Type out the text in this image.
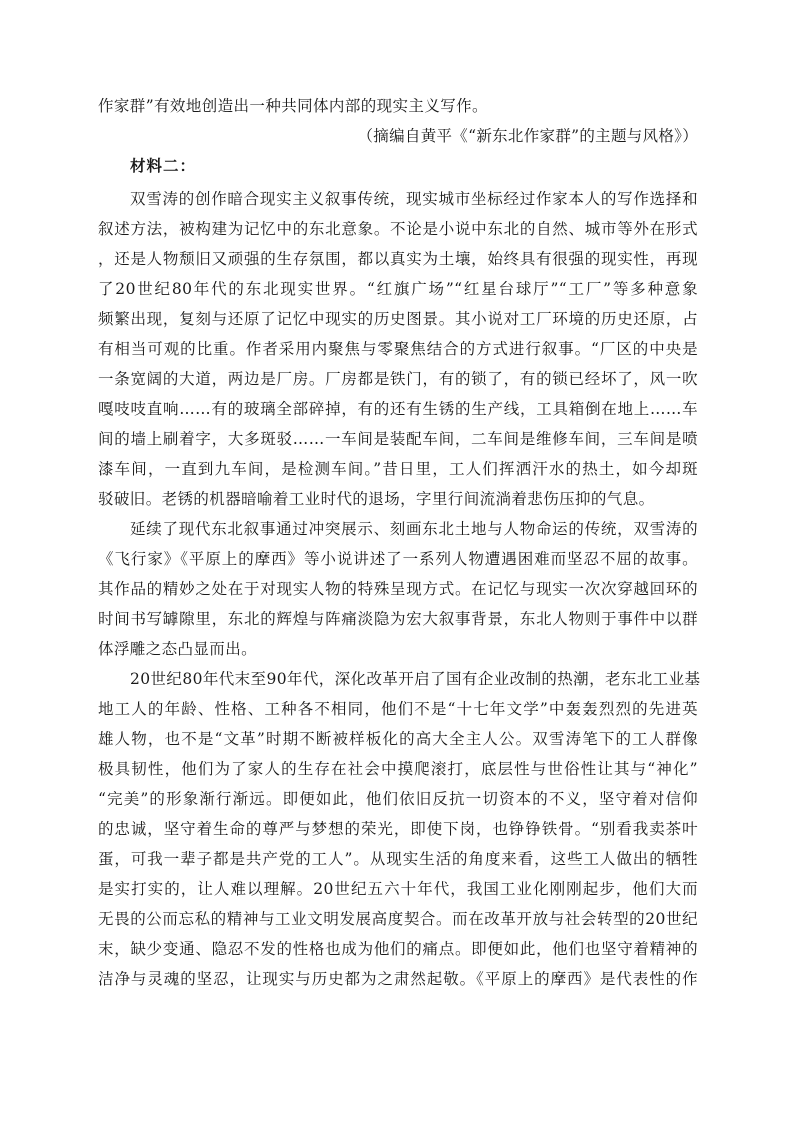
作家群”有效地创造出一种共同体内部的现实主义写作。
（摘编自黄平《“新东北作家群”的主题与风格》）
材料二：
双雪涛的创作暗合现实主义叙事传统，现实城市坐标经过作家本人的写作选择和
叙述方法，被构建为记忆中的东北意象。不论是小说中东北的自然、城市等外在形式
，还是人物颓旧又顽强的生存氛围，都以真实为土壤，始终具有很强的现实性，再现
了20世纪80年代的东北现实世界。“红旗广场”“红星台球厅”“工厂”等多种意象
频繁出现，复刻与还原了记忆中现实的历史图景。其小说对工厂环境的历史还原，占
有相当可观的比重。作者采用内聚焦与零聚焦结合的方式进行叙事。“厂区的中央是
一条宽阔的大道，两边是厂房。厂房都是铁门，有的锁了，有的锁已经坏了，风一吹
嘎吱吱直响……有的玻璃全部碎掉，有的还有生锈的生产线，工具箱倒在地上……车
间的墙上刷着字，大多斑驳……一车间是装配车间，二车间是维修车间，三车间是喷
漆车间，一直到九车间，是检测车间。”昔日里，工人们挥洒汗水的热土，如今却斑
驳破旧。老锈的机器暗喻着工业时代的退场，字里行间流淌着悲伤压抑的气息。
延续了现代东北叙事通过冲突展示、刻画东北土地与人物命运的传统，双雪涛的
《飞行家》《平原上的摩西》等小说讲述了一系列人物遭遇困难而坚忍不屈的故事。
其作品的精妙之处在于对现实人物的特殊呈现方式。在记忆与现实一次次穿越回环的
时间书写罅隙里，东北的辉煌与阵痛淡隐为宏大叙事背景，东北人物则于事件中以群
体浮雕之态凸显而出。
20世纪80年代末至90年代，深化改革开启了国有企业改制的热潮，老东北工业基
地工人的年龄、性格、工种各不相同，他们不是“十七年文学”中轰轰烈烈的先进英
雄人物，也不是“文革”时期不断被样板化的高大全主人公。双雪涛笔下的工人群像
极具韧性，他们为了家人的生存在社会中摸爬滚打，底层性与世俗性让其与“神化”
“完美”的形象渐行渐远。即便如此，他们依旧反抗一切资本的不义，坚守着对信仰
的忠诚，坚守着生命的尊严与梦想的荣光，即使下岗，也铮铮铁骨。“别看我卖茶叶
蛋，可我一辈子都是共产党的工人”。从现实生活的角度来看，这些工人做出的牺牲
是实打实的，让人难以理解。20世纪五六十年代，我国工业化刚刚起步，他们大而
无畏的公而忘私的精神与工业文明发展高度契合。而在改革开放与社会转型的20世纪
末，缺少变通、隐忍不发的性格也成为他们的痛点。即便如此，他们也坚守着精神的
洁净与灵魂的坚忍，让现实与历史都为之肃然起敬。《平原上的摩西》是代表性的作
